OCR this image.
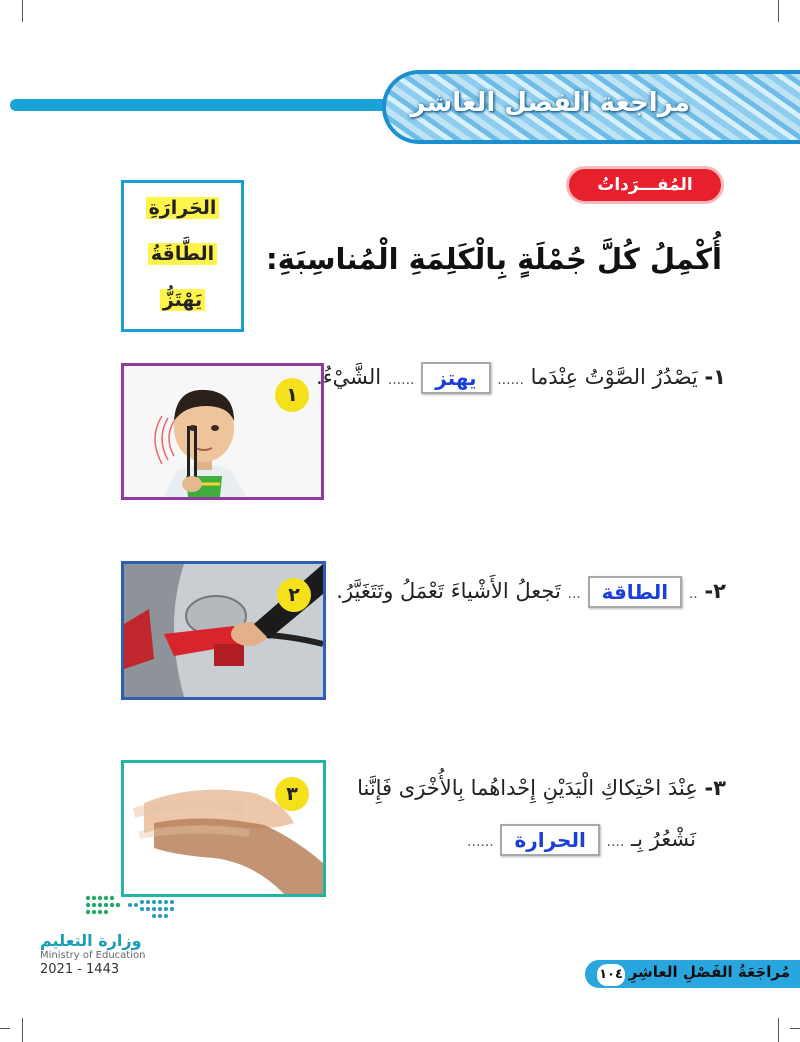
مراجعة الفصل العاشر
المُفـــرَداتُ
الحَرارَةِ
الطَّاقَةُ
يَهْتَزُّ
أُكْمِلُ كُلَّ جُمْلَةٍ بِالْكَلِمَةِ الْمُناسِبَةِ:
١
١- يَصْدُرُ الصَّوْتُ عِنْدَما ...... يهتز ...... الشَّيْءُ.
٢	٢- .. الطاقة ... تَجعلُ الأَشْياءَ تَعْمَلُ وتَتَغَيَّرُ.
٣	٣- عِنْدَ احْتِكاكِ الْيَدَيْنِ إِحْداهُما بِالأُخْرَى فَإِنَّنا
نَشْعُرُ بِـ .... الحرارة ......
وزارة التعليم
Ministry of Education
2021 - 1443	مُراجَعَةُ الفَصْلِ العاشِرِ
١٠٤
